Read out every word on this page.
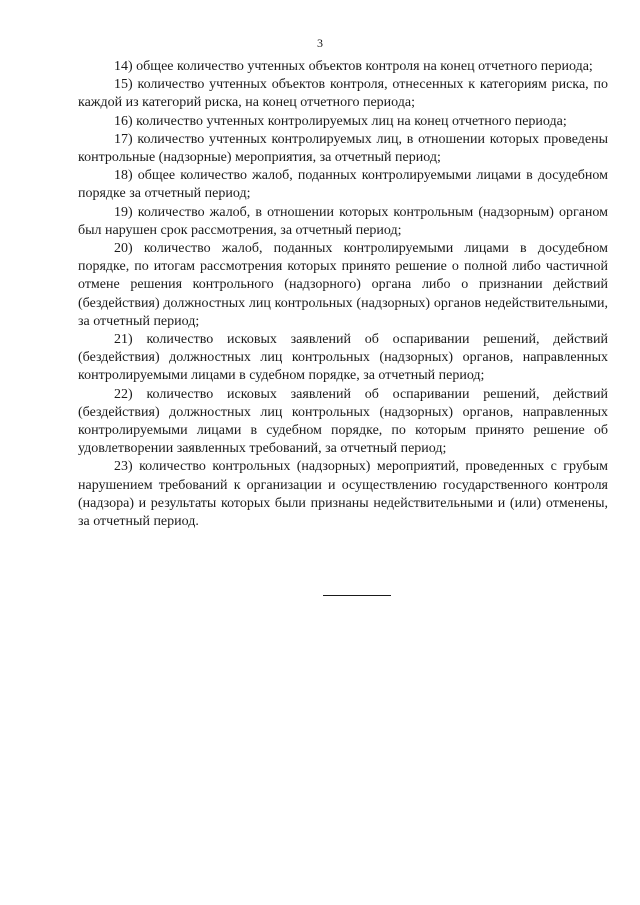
3

14) общее количество учтенных объектов контроля на конец отчетного периода;

15) количество учтенных объектов контроля, отнесенных к категориям риска, по каждой из категорий риска, на конец отчетного периода;

16) количество учтенных контролируемых лиц на конец отчетного периода;

17) количество учтенных контролируемых лиц, в отношении которых проведены контрольные (надзорные) мероприятия, за отчетный период;

18) общее количество жалоб, поданных контролируемыми лицами в досудебном порядке за отчетный период;

19) количество жалоб, в отношении которых контрольным (надзорным) органом был нарушен срок рассмотрения, за отчетный период;

20) количество жалоб, поданных контролируемыми лицами в досудебном порядке, по итогам рассмотрения которых принято решение о полной либо частичной отмене решения контрольного (надзорного) органа либо о признании действий (бездействия) должностных лиц контрольных (надзорных) органов недействительными, за отчетный период;

21) количество исковых заявлений об оспаривании решений, действий (бездействия) должностных лиц контрольных (надзорных) органов, направленных контролируемыми лицами в судебном порядке, за отчетный период;

22) количество исковых заявлений об оспаривании решений, действий (бездействия) должностных лиц контрольных (надзорных) органов, направленных контролируемыми лицами в судебном порядке, по которым принято решение об удовлетворении заявленных требований, за отчетный период;

23) количество контрольных (надзорных) мероприятий, проведенных с грубым нарушением требований к организации и осуществлению государственного контроля (надзора) и результаты которых были признаны недействительными и (или) отменены, за отчетный период.
